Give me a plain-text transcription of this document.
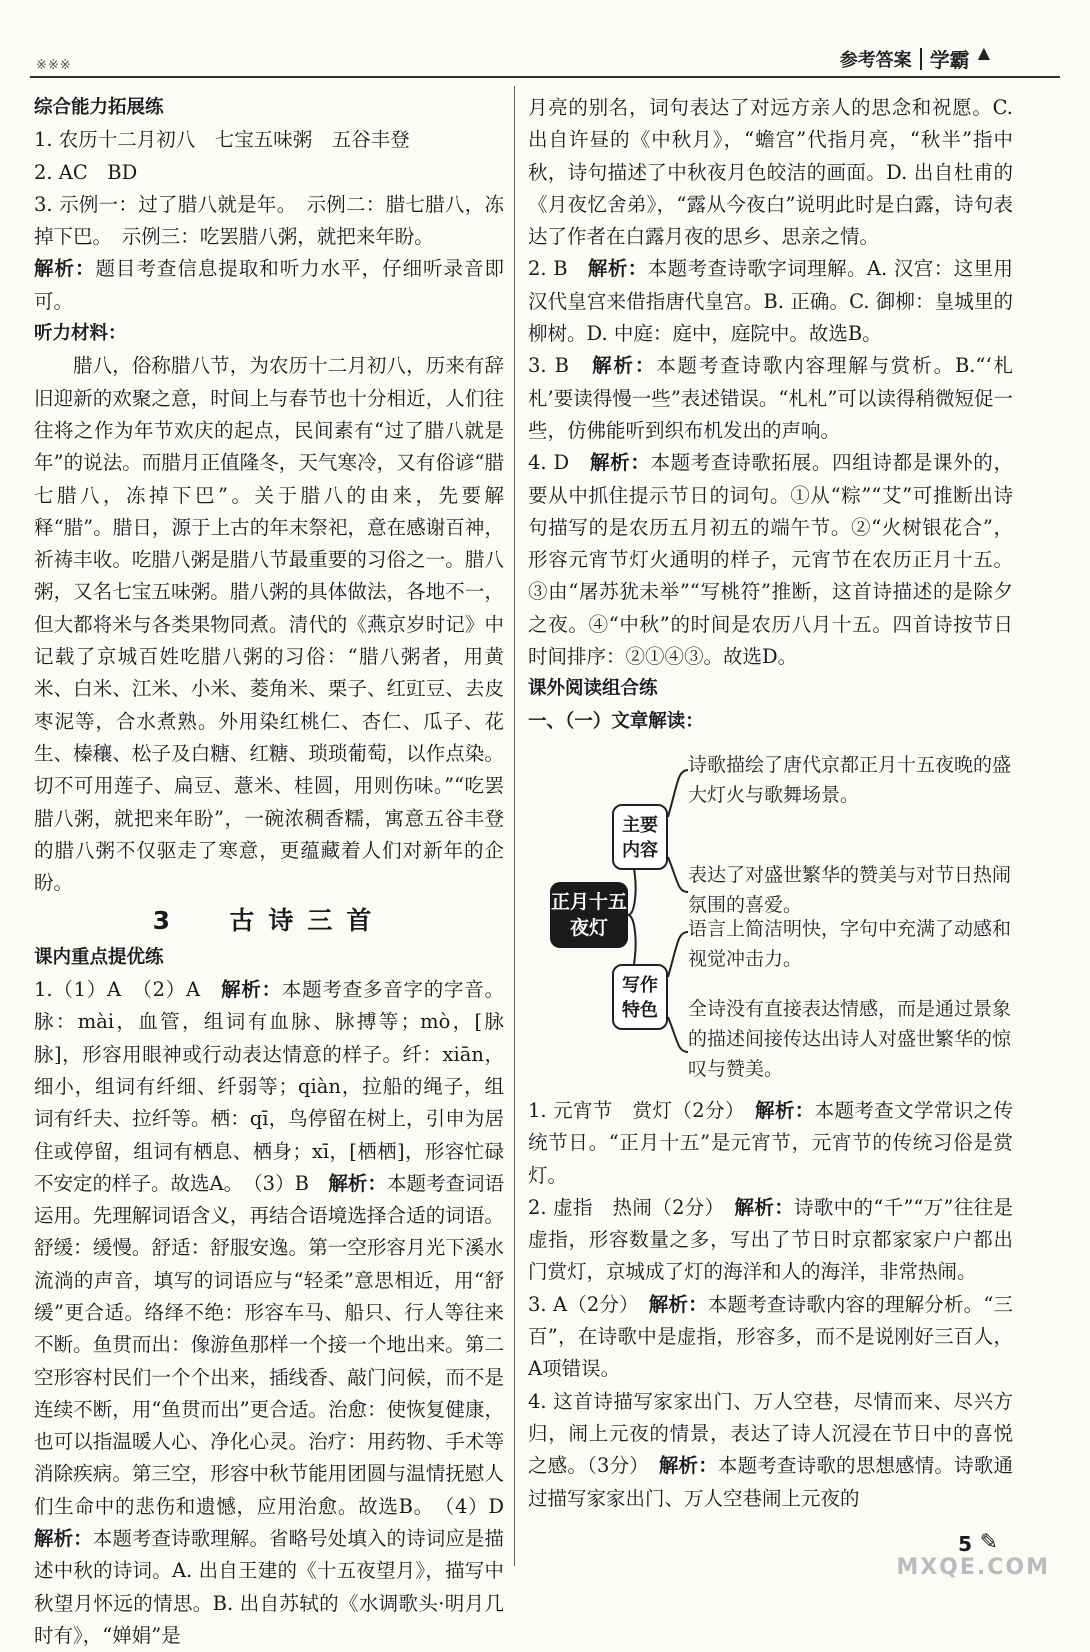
※※※	参考答案 学霸 ▲

综合能力拓展练

1. 农历十二月初八　七宝五味粥　五谷丰登

2. AC　BD

3. 示例一：过了腊八就是年。　示例二：腊七腊八，冻掉下巴。　示例三：吃罢腊八粥，就把来年盼。

解析：题目考查信息提取和听力水平，仔细听录音即可。

听力材料：

腊八，俗称腊八节，为农历十二月初八，历来有辞旧迎新的欢聚之意，时间上与春节也十分相近，人们往往将之作为年节欢庆的起点，民间素有“过了腊八就是年”的说法。而腊月正值隆冬，天气寒冷，又有俗谚“腊七腊八，冻掉下巴”。关于腊八的由来，先要解释“腊”。腊日，源于上古的年末祭祀，意在感谢百神，祈祷丰收。吃腊八粥是腊八节最重要的习俗之一。腊八粥，又名七宝五味粥。腊八粥的具体做法，各地不一，但大都将米与各类果物同煮。清代的《燕京岁时记》中记载了京城百姓吃腊八粥的习俗：“腊八粥者，用黄米、白米、江米、小米、菱角米、栗子、红豇豆、去皮枣泥等，合水煮熟。外用染红桃仁、杏仁、瓜子、花生、榛穰、松子及白糖、红糖、琐琐葡萄，以作点染。切不可用莲子、扁豆、薏米、桂圆，用则伤味。”“吃罢腊八粥，就把来年盼”，一碗浓稠香糯，寓意五谷丰登的腊八粥不仅驱走了寒意，更蕴藏着人们对新年的企盼。

3 古诗三首

课内重点提优练

1.（1）A　（2）A　解析：本题考查多音字的字音。脉：mài，血管，组词有血脉、脉搏等；mò，[脉脉]，形容用眼神或行动表达情意的样子。纤：xiān，细小，组词有纤细、纤弱等；qiàn，拉船的绳子，组词有纤夫、拉纤等。栖：qī，鸟停留在树上，引申为居住或停留，组词有栖息、栖身；xī，[栖栖]，形容忙碌不安定的样子。故选A。　（3）B　解析：本题考查词语运用。先理解词语含义，再结合语境选择合适的词语。舒缓：缓慢。舒适：舒服安逸。第一空形容月光下溪水流淌的声音，填写的词语应与“轻柔”意思相近，用“舒缓”更合适。络绎不绝：形容车马、船只、行人等往来不断。鱼贯而出：像游鱼那样一个接一个地出来。第二空形容村民们一个个出来，插线香、敲门问候，而不是连续不断，用“鱼贯而出”更合适。治愈：使恢复健康，也可以指温暖人心、净化心灵。治疗：用药物、手术等消除疾病。第三空，形容中秋节能用团圆与温情抚慰人们生命中的悲伤和遗憾，应用治愈。故选B。　（4）D　解析：本题考查诗歌理解。省略号处填入的诗词应是描述中秋的诗词。A. 出自王建的《十五夜望月》，描写中秋望月怀远的情思。B. 出自苏轼的《水调歌头·明月几时有》，“婵娟”是

月亮的别名，词句表达了对远方亲人的思念和祝愿。C. 出自许昼的《中秋月》，“蟾宫”代指月亮，“秋半”指中秋，诗句描述了中秋夜月色皎洁的画面。D. 出自杜甫的《月夜忆舍弟》，“露从今夜白”说明此时是白露，诗句表达了作者在白露月夜的思乡、思亲之情。

2. B　解析：本题考查诗歌字词理解。A. 汉宫：这里用汉代皇宫来借指唐代皇宫。B. 正确。C. 御柳：皇城里的柳树。D. 中庭：庭中，庭院中。故选B。

3. B　解析：本题考查诗歌内容理解与赏析。B.“‘札札’要读得慢一些”表述错误。“札札”可以读得稍微短促一些，仿佛能听到织布机发出的声响。

4. D　解析：本题考查诗歌拓展。四组诗都是课外的，要从中抓住提示节日的词句。①从“粽”“艾”可推断出诗句描写的是农历五月初五的端午节。②“火树银花合”，形容元宵节灯火通明的样子，元宵节在农历正月十五。③由“屠苏犹未举”“写桃符”推断，这首诗描述的是除夕之夜。④“中秋”的时间是农历八月十五。四首诗按节日时间排序：②①④③。故选D。

课外阅读组合练

一、（一）文章解读：

正月十五夜灯
主要内容
写作特色
诗歌描绘了唐代京都正月十五夜晚的盛大灯火与歌舞场景。
表达了对盛世繁华的赞美与对节日热闹氛围的喜爱。
语言上简洁明快，字句中充满了动感和视觉冲击力。
全诗没有直接表达情感，而是通过景象的描述间接传达出诗人对盛世繁华的惊叹与赞美。

1. 元宵节　赏灯（2分）　解析：本题考查文学常识之传统节日。“正月十五”是元宵节，元宵节的传统习俗是赏灯。

2. 虚指　热闹（2分）　解析：诗歌中的“千”“万”往往是虚指，形容数量之多，写出了节日时京都家家户户都出门赏灯，京城成了灯的海洋和人的海洋，非常热闹。

3. A（2分）　解析：本题考查诗歌内容的理解分析。“三百”，在诗歌中是虚指，形容多，而不是说刚好三百人，A项错误。

4. 这首诗描写家家出门、万人空巷，尽情而来、尽兴方归，闹上元夜的情景，表达了诗人沉浸在节日中的喜悦之感。（3分）　解析：本题考查诗歌的思想感情。诗歌通过描写家家出门、万人空巷闹上元夜的

5 ✎
MXQE.COM
